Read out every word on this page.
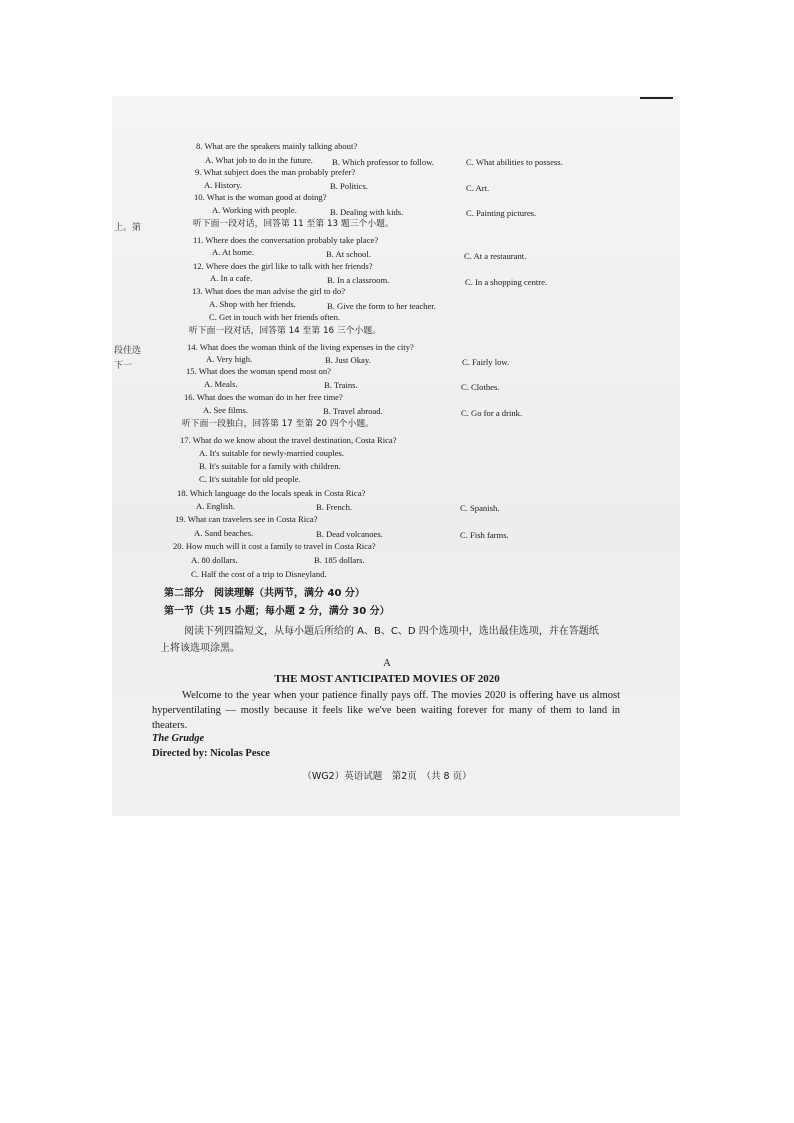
上。第
段佳选
下一
8. What are the speakers mainly talking about?
A. What job to do in the future. B. Which professor to follow.	C. What abilities to possess.
9. What subject does the man probably prefer?
A. History.	B. Politics.	C. Art.
10. What is the woman good at doing?
A. Working with people.	B. Dealing with kids.	C. Painting pictures.
听下面一段对话，回答第 11 至第 13 题三个小题。
11. Where does the conversation probably take place?
A. At home.	B. At school.	C. At a restaurant.
12. Where does the girl like to talk with her friends?
A. In a cafe.	B. In a classroom.	C. In a shopping centre.
13. What does the man advise the girl to do?
A. Shop with her friends.	B. Give the form to her teacher.
C. Get in touch with her friends often.
听下面一段对话，回答第 14 至第 16 三个小题。
14. What does the woman think of the living expenses in the city?
A. Very high.	B. Just Okay.	C. Fairly low.
15. What does the woman spend most on?
A. Meals.	B. Trains.	C. Clothes.
16. What does the woman do in her free time?
A. See films.	B. Travel abroad.	C. Go for a drink.
听下面一段独白，回答第 17 至第 20 四个小题。
17. What do we know about the travel destination, Costa Rica?
A. It's suitable for newly-married couples.
B. It's suitable for a family with children.
C. It's suitable for old people.
18. Which language do the locals speak in Costa Rica?
A. English.	B. French.	C. Spanish.
19. What can travelers see in Costa Rica?
A. Sand beaches.	B. Dead volcanoes.	C. Fish farms.
20. How much will it cost a family to travel in Costa Rica?
A. 80 dollars.	B. 185 dollars.
C. Half the cost of a trip to Disneyland.
第二部分　阅读理解（共两节，满分 40 分）
第一节（共 15 小题；每小题 2 分，满分 30 分）
阅读下列四篇短文，从每小题后所给的 A、B、C、D 四个选项中，选出最佳选项，并在答题纸
上将该选项涂黑。
A
THE MOST ANTICIPATED MOVIES OF 2020
Welcome to the year when your patience finally pays off. The movies 2020 is offering have us almost hyperventilating — mostly because it feels like we've been waiting forever for many of them to land in theaters.
The Grudge
Directed by: Nicolas Pesce
（WG2）英语试题　第2页　（共 8 页）
